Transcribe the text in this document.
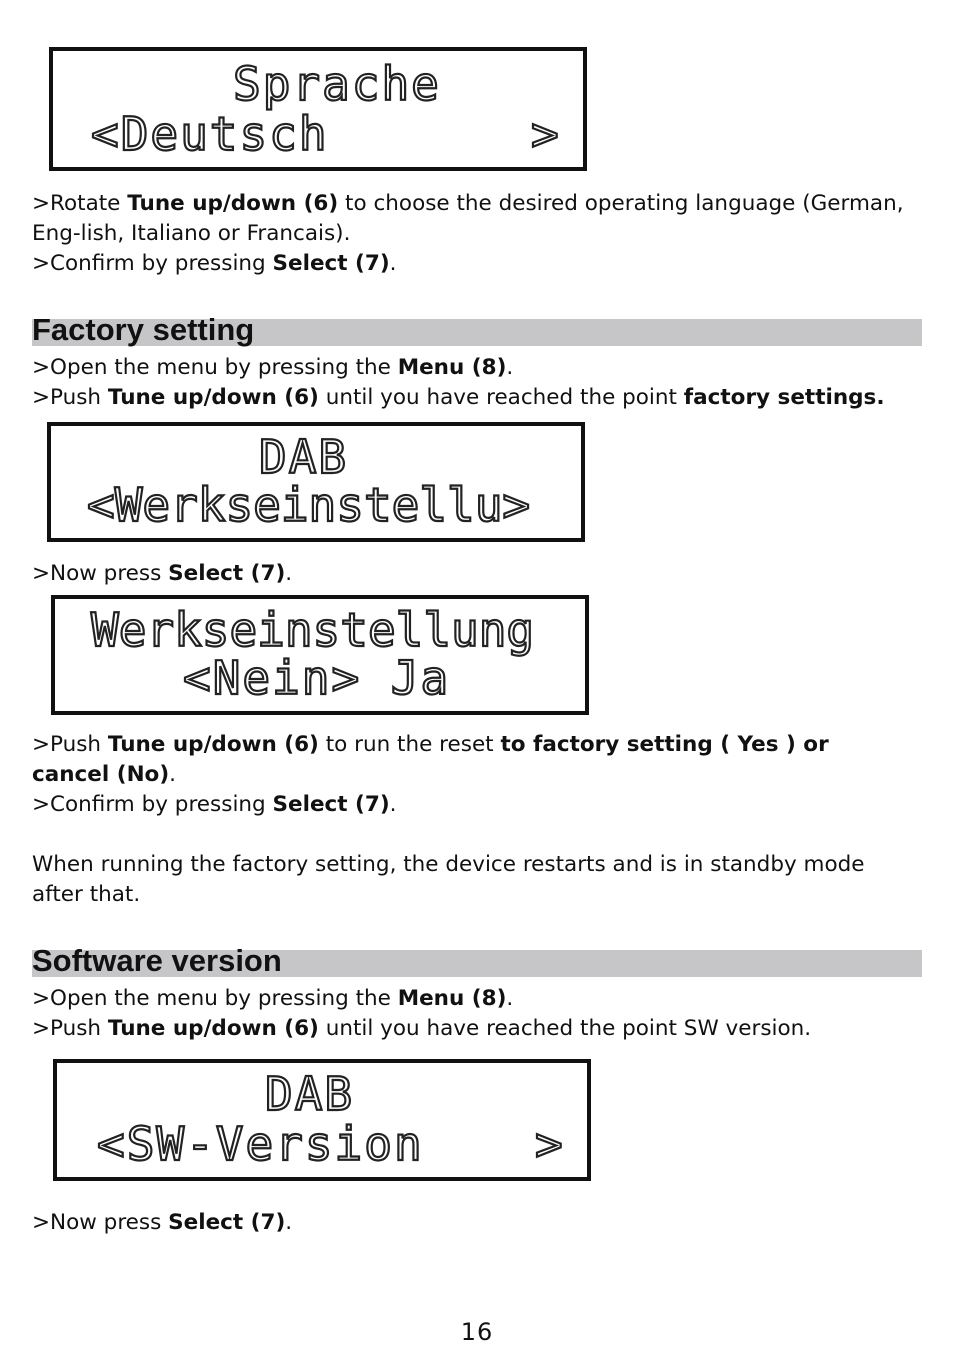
Sprache
<Deutsch	>
>Rotate Tune up/down (6) to choose the desired operating language (German, Eng-lish, Italiano or Francais).
>Confirm by pressing Select (7).
Factory setting
>Open the menu by pressing the Menu (8).
>Push Tune up/down (6) until you have reached the point factory settings.
DAB
<Werkseinstellu>
>Now press Select (7).
Werkseinstellung
<Nein> Ja
>Push Tune up/down (6) to run the reset to factory setting ( Yes ) or cancel (No).
>Confirm by pressing Select (7).
When running the factory setting, the device restarts and is in standby mode after that.
Software version
>Open the menu by pressing the Menu (8).
>Push Tune up/down (6) until you have reached the point SW version.
DAB
<SW-Version >
>Now press Select (7).
16
